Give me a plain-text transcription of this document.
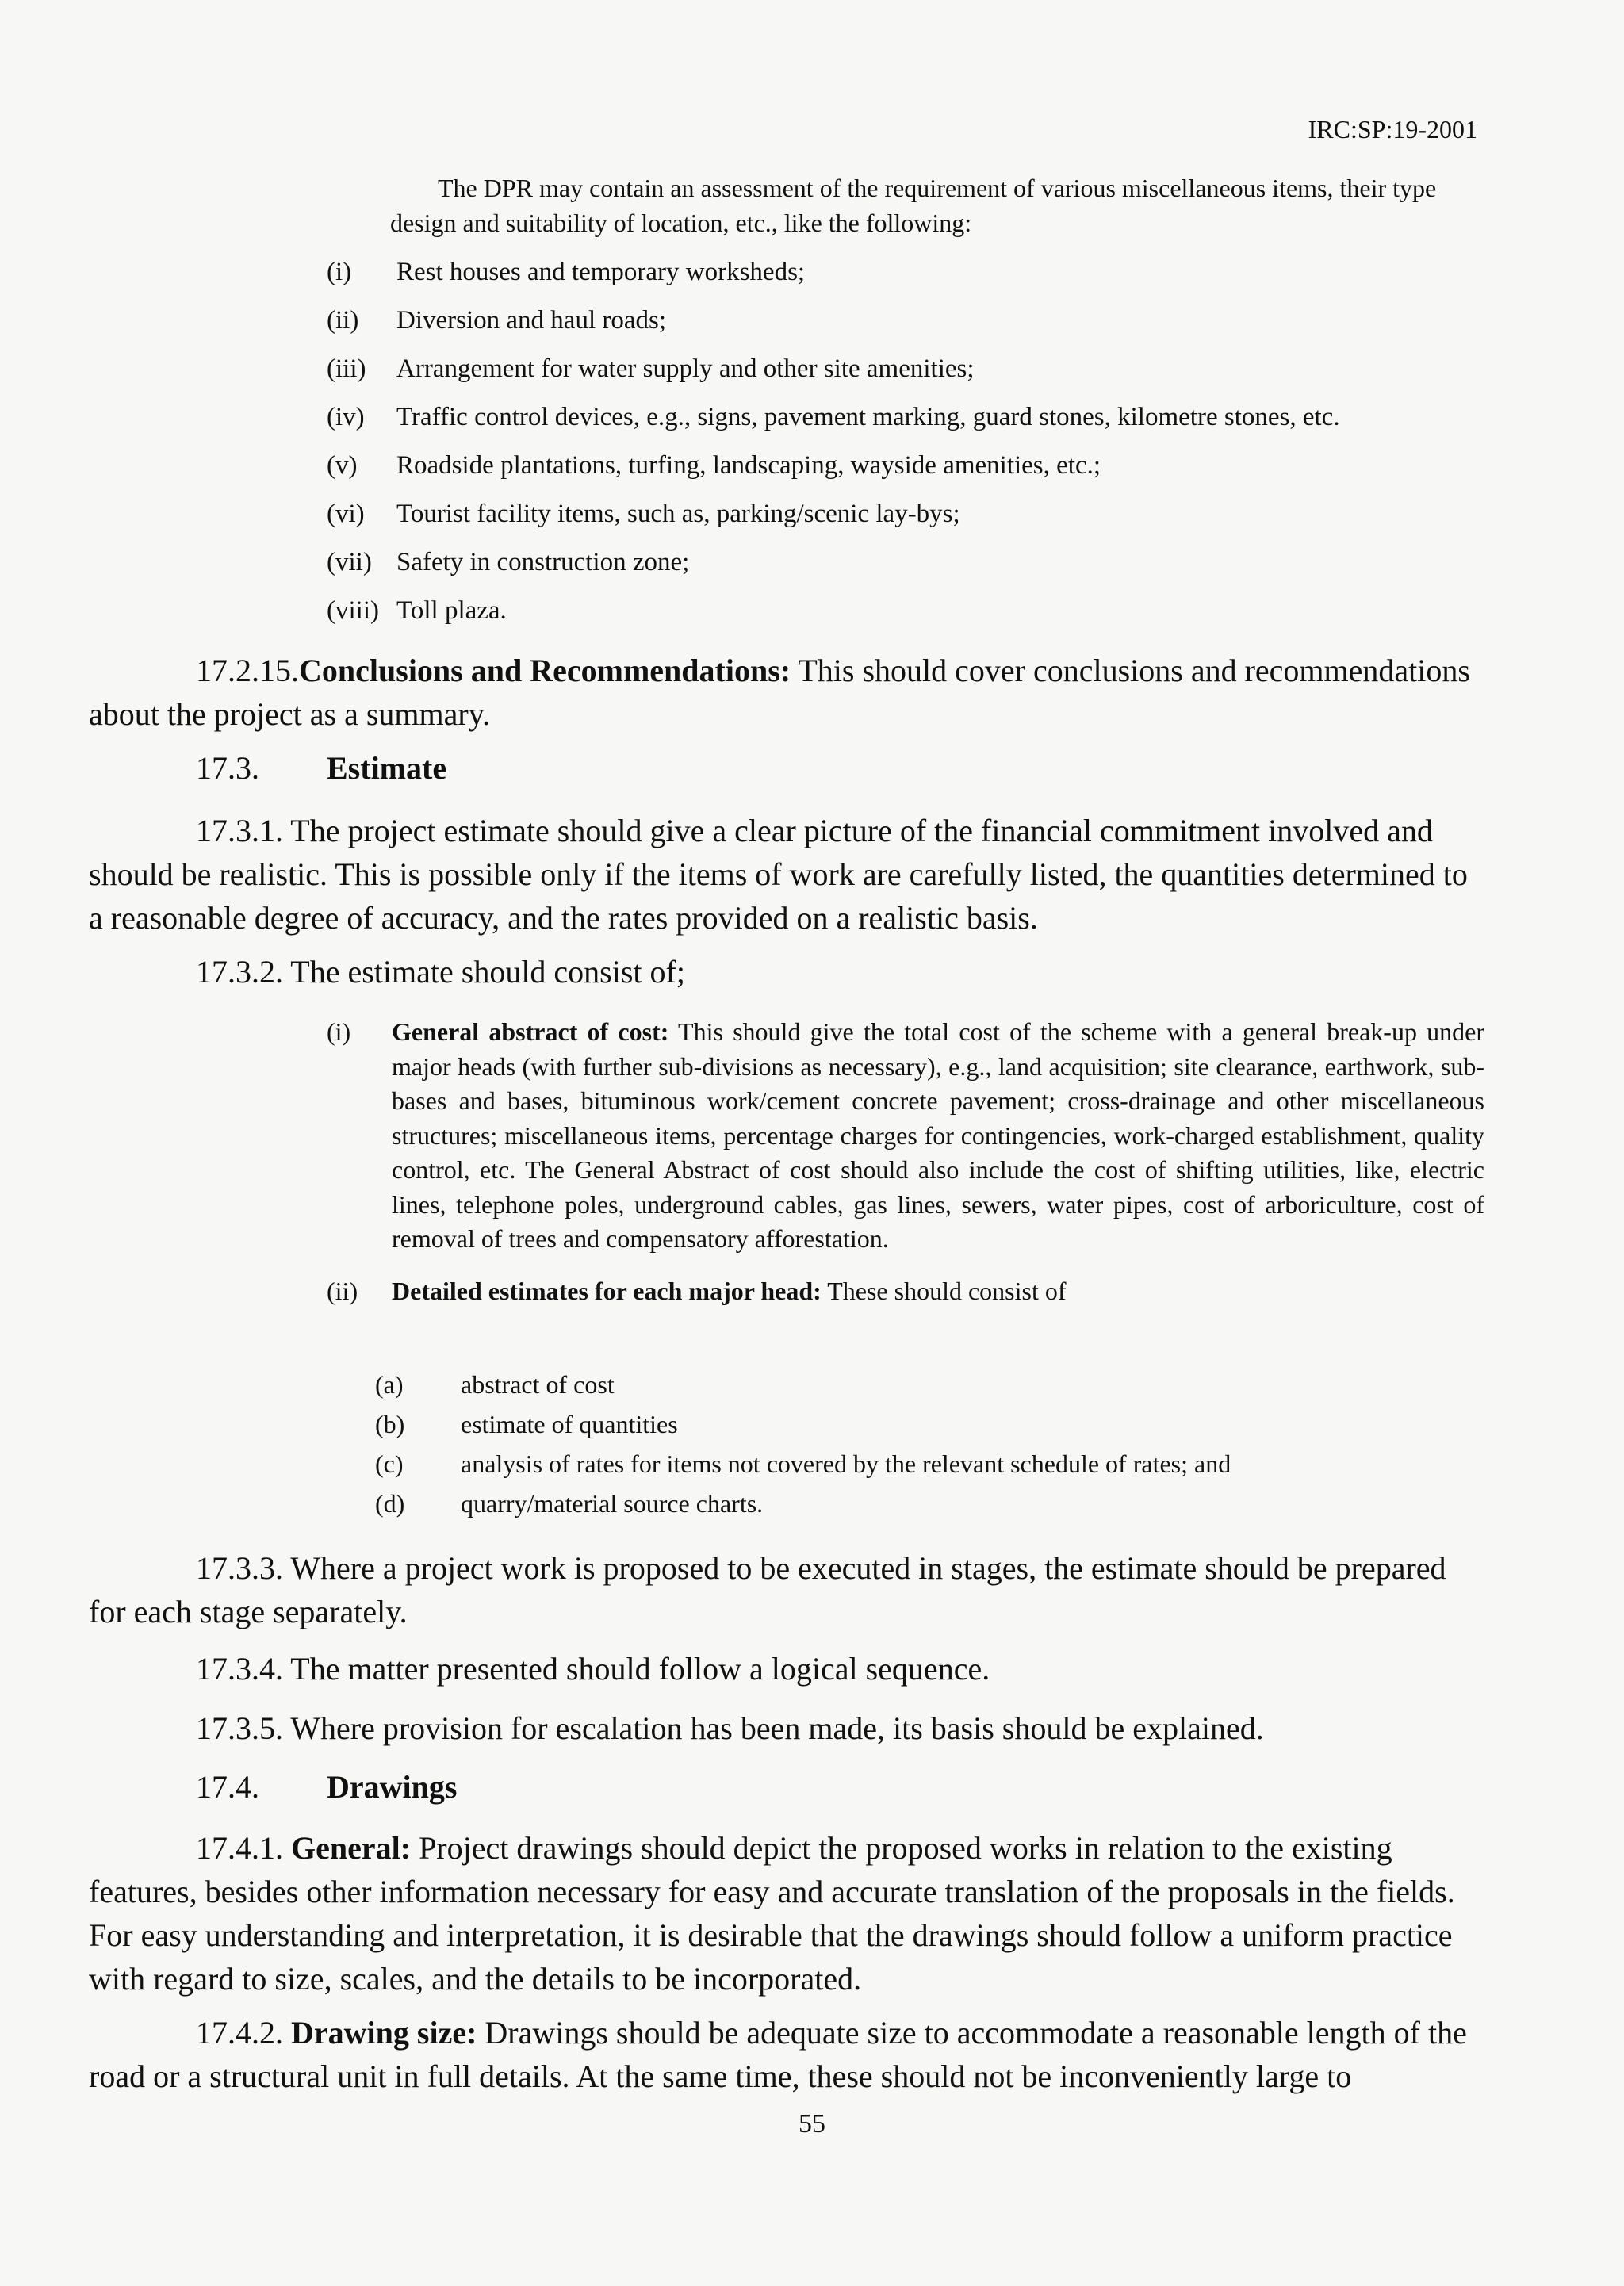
IRC:SP:19-2001

The DPR may contain an assessment of the requirement of various miscellaneous items, their type design and suitability of location, etc., like the following:

(i)	Rest houses and temporary worksheds;
(ii)	Diversion and haul roads;
(iii)	Arrangement for water supply and other site amenities;
(iv)	Traffic control devices, e.g., signs, pavement marking, guard stones, kilometre stones, etc.
(v)	Roadside plantations, turfing, landscaping, wayside amenities, etc.;
(vi)	Tourist facility items, such as, parking/scenic lay-bys;
(vii) Safety in construction zone;
(viii) Toll plaza.
17.2.15.Conclusions and Recommendations: This should cover conclusions and recommendations about the project as a summary.
17.3. Estimate
17.3.1. The project estimate should give a clear picture of the financial commitment involved and should be realistic. This is possible only if the items of work are carefully listed, the quantities determined to a reasonable degree of accuracy, and the rates provided on a realistic basis.
17.3.2. The estimate should consist of;
(i)	General abstract of cost: This should give the total cost of the scheme with a general break-up under major heads (with further sub-divisions as necessary), e.g., land acquisition; site clearance, earthwork, sub-bases and bases, bituminous work/cement concrete pavement; cross-drainage and other miscellaneous structures; miscellaneous items, percentage charges for contingencies, work-charged establishment, quality control, etc. The General Abstract of cost should also include the cost of shifting utilities, like, electric lines, telephone poles, underground cables, gas lines, sewers, water pipes, cost of arboriculture, cost of removal of trees and compensatory afforestation.
(ii)	Detailed estimates for each major head: These should consist of
(a)	abstract of cost
(b)	estimate of quantities
(c)	analysis of rates for items not covered by the relevant schedule of rates; and
(d)	quarry/material source charts.
17.3.3. Where a project work is proposed to be executed in stages, the estimate should be prepared for each stage separately.
17.3.4. The matter presented should follow a logical sequence.
17.3.5. Where provision for escalation has been made, its basis should be explained.
17.4. Drawings
17.4.1. General: Project drawings should depict the proposed works in relation to the existing features, besides other information necessary for easy and accurate translation of the proposals in the fields. For easy understanding and interpretation, it is desirable that the drawings should follow a uniform practice with regard to size, scales, and the details to be incorporated.
17.4.2. Drawing size: Drawings should be adequate size to accommodate a reasonable length of the road or a structural unit in full details. At the same time, these should not be inconveniently large to
55
